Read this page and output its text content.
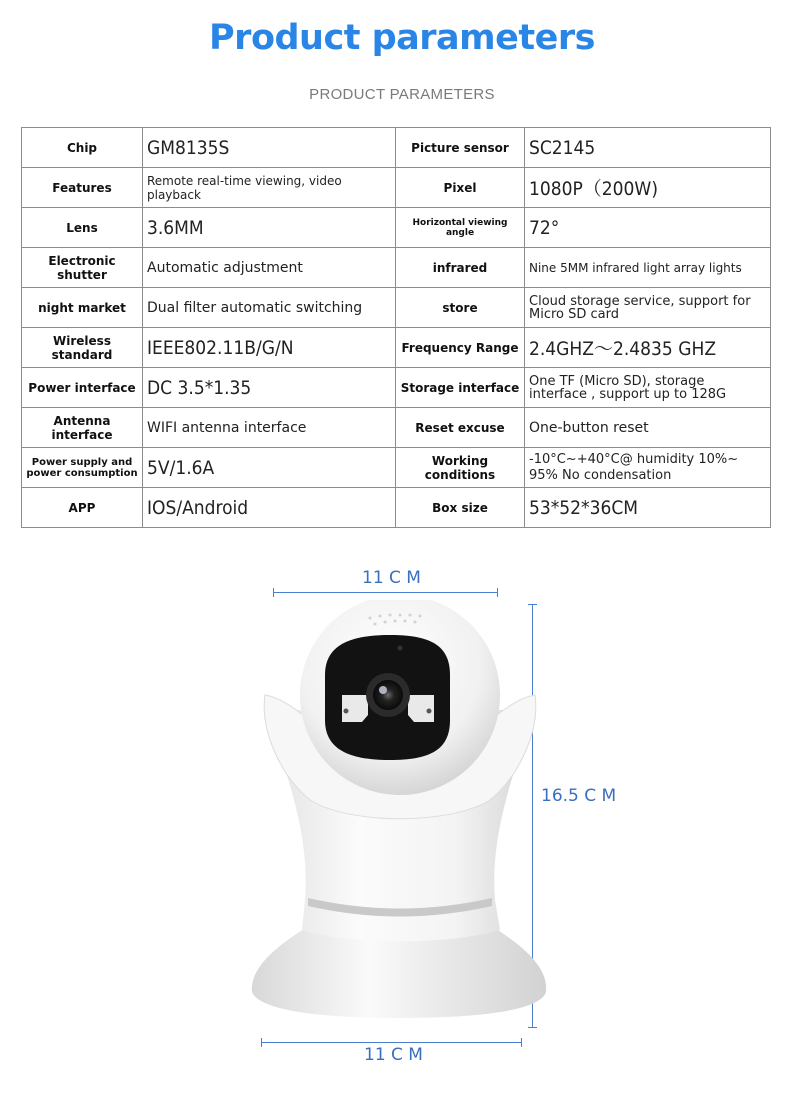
Product parameters
PRODUCT PARAMETERS
Chip	GM8135S	Picture sensor	SC2145
Features	Remote real-time viewing, video playback	Pixel	1080P（200W)
Lens	3.6MM	Horizontal viewing angle	72°
Electronic shutter	Automatic adjustment	infrared	Nine 5MM infrared light array lights
night market	Dual filter automatic switching	store	Cloud storage service, support for Micro SD card
Wireless standard	IEEE802.11B/G/N	Frequency Range	2.4GHZ～2.4835 GHZ
Power interface	DC 3.5*1.35	Storage interface	One TF (Micro SD), storage interface , support up to 128G
Antenna interface	WIFI antenna interface	Reset excuse	One-button reset
Power supply and power consumption	5V/1.6A	Working conditions	-10°C~+40°C@ humidity 10%~ 95% No condensation
APP	IOS/Android	Box size	53*52*36CM
11 C M
16.5 C M
11 C M
